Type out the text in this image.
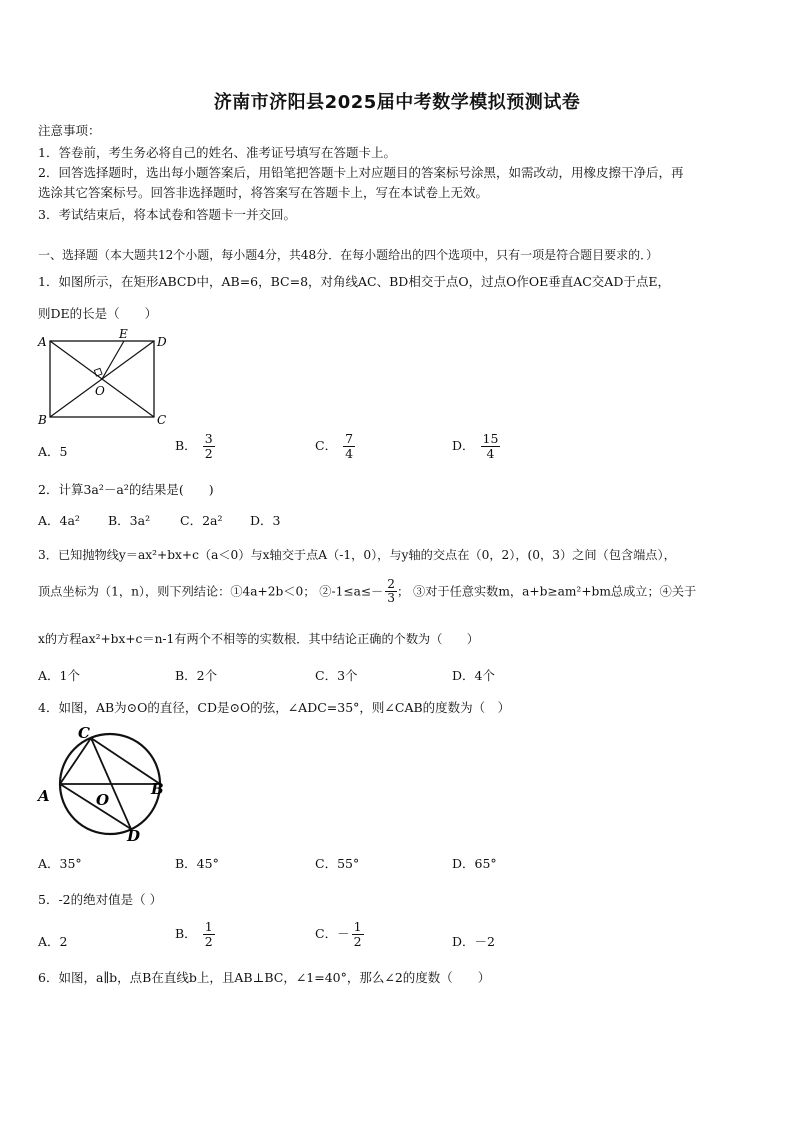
济南市济阳县2025届中考数学模拟预测试卷
注意事项：
1．答卷前，考生务必将自己的姓名、准考证号填写在答题卡上。
2．回答选择题时，选出每小题答案后，用铅笔把答题卡上对应题目的答案标号涂黑，如需改动，用橡皮擦干净后，再
选涂其它答案标号。回答非选择题时，将答案写在答题卡上，写在本试卷上无效。
3．考试结束后，将本试卷和答题卡一并交回。
一、选择题（本大题共12个小题，每小题4分，共48分．在每小题给出的四个选项中，只有一项是符合题目要求的．）
1．如图所示，在矩形ABCD中，AB=6，BC=8，对角线AC、BD相交于点O，过点O作OE垂直AC交AD于点E，
则DE的长是（　　）
A
E
D
O
B	C
A．5	B． $\frac{3}{2}$	C． $\frac{7}{4}$	D． $\frac{15}{4}$
2．计算3a²－a²的结果是(　　)
A．4a² B．3a² C．2a² D．3
3．已知抛物线y＝ax²+bx+c（a＜0）与x轴交于点A（-1，0），与y轴的交点在（0，2），(0，3）之间（包含端点），
顶点坐标为（1，n），则下列结论：①4a+2b＜0； ②-1≤a≤－ $\frac{2}{3}$ ； ③对于任意实数m，a+b≥am²+bm总成立；④关于
x的方程ax²+bx+c＝n-1有两个不相等的实数根．其中结论正确的个数为（　　）
A．1个	B．2个	C．3个	D．4个
4．如图，AB为⊙O的直径，CD是⊙O的弦，∠ADC=35°，则∠CAB的度数为（　）
C
A	B
O
D
A．35°	B．45°	C．55°	D．65°
5．-2的绝对值是（ ）
A．2
B． $\frac{1}{2}$	C．－ $\frac{1}{2}$	D．－2
6．如图，a∥b，点B在直线b上，且AB⊥BC，∠1=40°，那么∠2的度数（　　）
